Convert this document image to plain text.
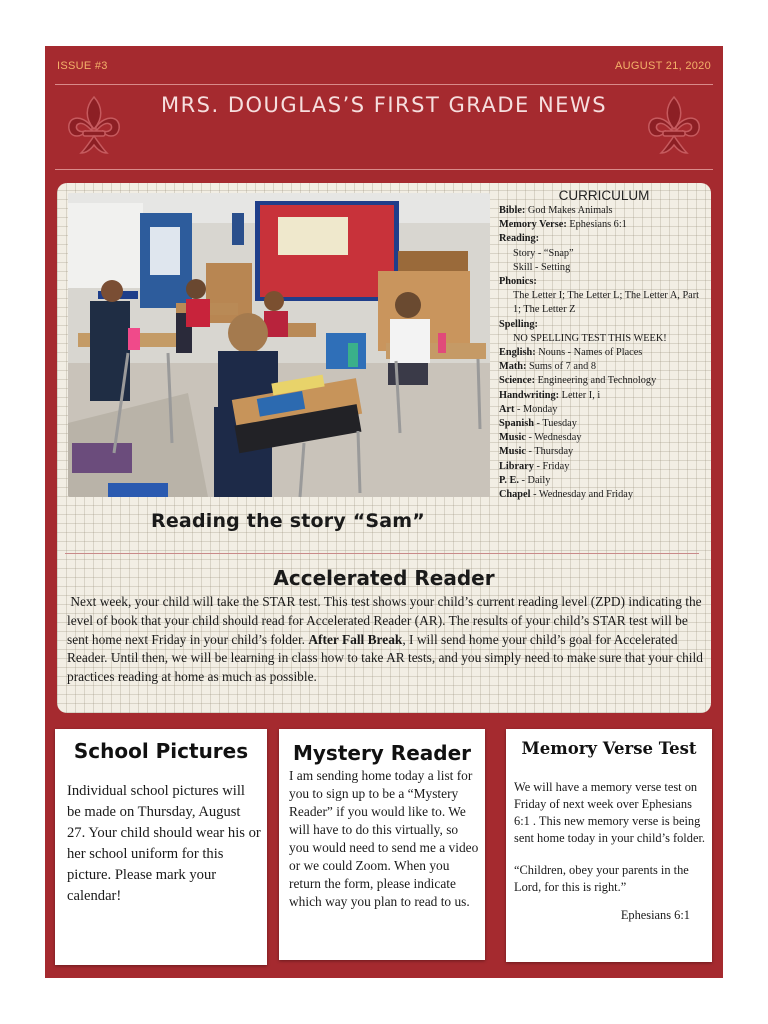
ISSUE #3	AUGUST 21, 2020
MRS. DOUGLAS’S FIRST GRADE NEWS
CURRICULUM
Bible: God Makes Animals
Memory Verse: Ephesians 6:1
Reading:
Story - “Snap”
Skill - Setting
Phonics:
The Letter I; The Letter L; The Letter A, Part 1; The Letter Z
Spelling:
NO SPELLING TEST THIS WEEK!
English: Nouns - Names of Places
Math: Sums of 7 and 8
Science: Engineering and Technology
Handwriting: Letter I, i
Art - Monday
Spanish - Tuesday
Music - Wednesday
Music - Thursday
Library - Friday
P. E. - Daily
Chapel - Wednesday and Friday
Reading the story “Sam”
Accelerated Reader
Next week, your child will take the STAR test. This test shows your child’s current reading level (ZPD) indicating the level of book that your child should read for Accelerated Reader (AR). The results of your child’s STAR test will be sent home next Friday in your child’s folder. After Fall Break, I will send home your child’s goal for Accelerated Reader. Until then, we will be learning in class how to take AR tests, and you simply need to make sure that your child practices reading at home as much as possible.
School Pictures
Individual school pictures will be made on Thursday, August 27. Your child should wear his or her school uniform for this picture. Please mark your calendar!
Mystery Reader
I am sending home today a list for you to sign up to be a “Mystery Reader” if you would like to. We will have to do this virtually, so you would need to send me a video or we could Zoom. When you return the form, please indicate which way you plan to read to us.
Memory Verse Test
We will have a memory verse test on Friday of next week over Ephesians 6:1 . This new memory verse is being sent home today in your child’s folder.
“Children, obey your parents in the Lord, for this is right.”
Ephesians 6:1
